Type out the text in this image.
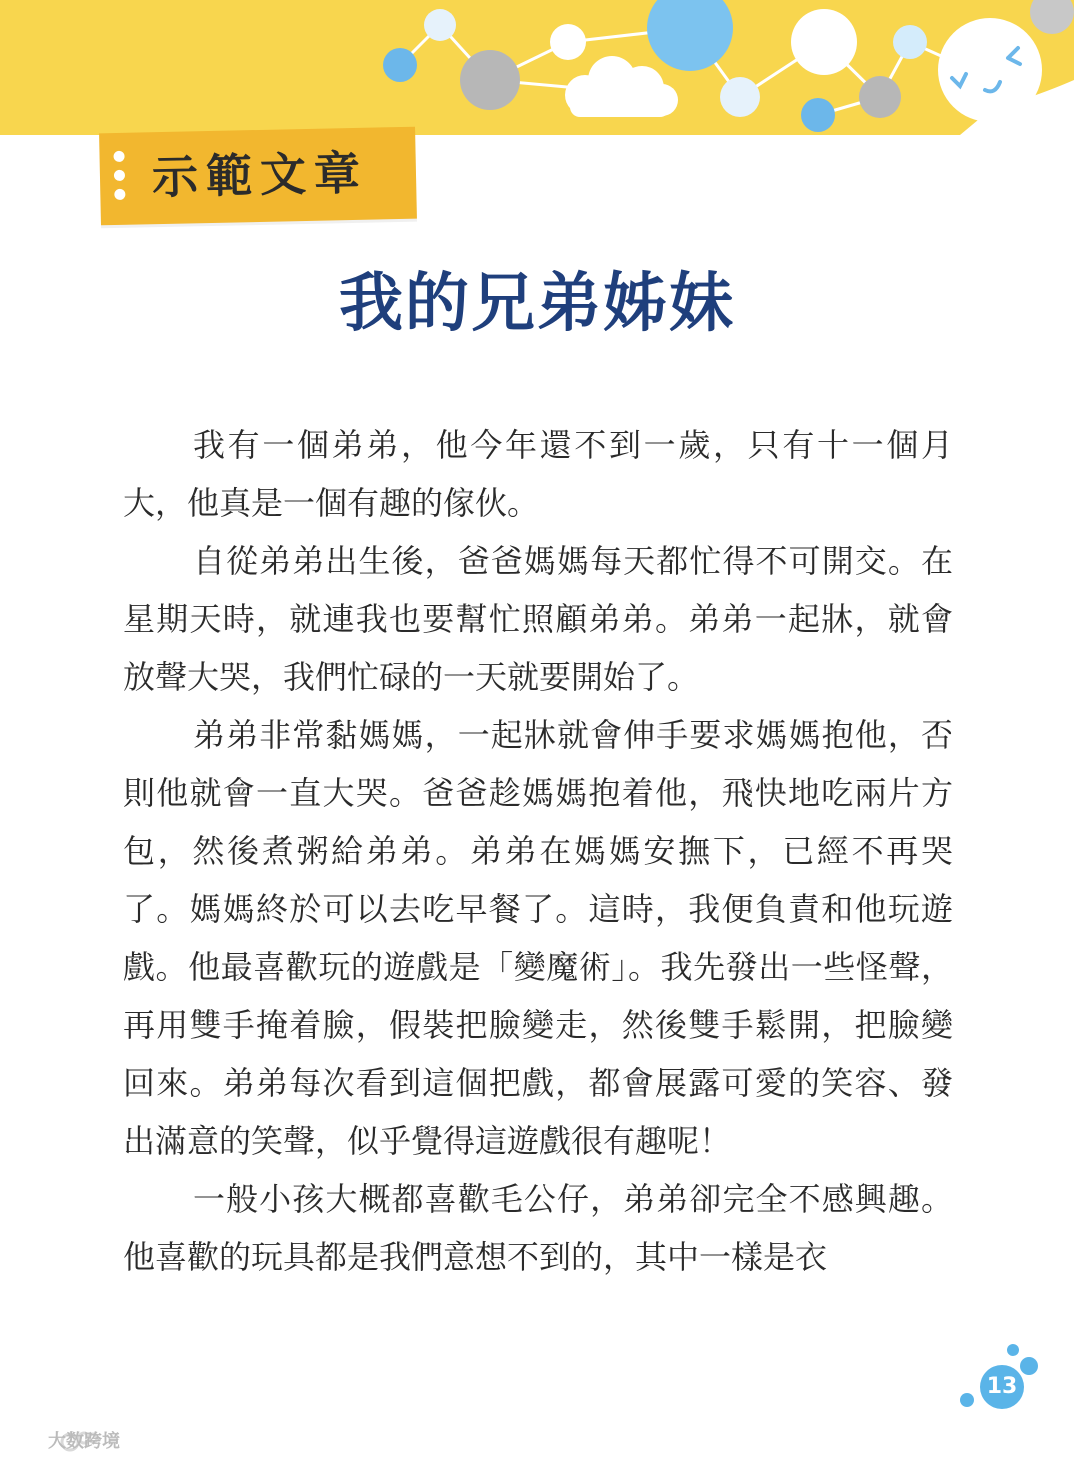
示範文章
我的兄弟姊妹

我有一個弟弟，他今年還不到一歲，只有十一個月大，他真是一個有趣的傢伙。

自從弟弟出生後，爸爸媽媽每天都忙得不可開交。在星期天時，就連我也要幫忙照顧弟弟。弟弟一起牀，就會放聲大哭，我們忙碌的一天就要開始了。

弟弟非常黏媽媽，一起牀就會伸手要求媽媽抱他，否則他就會一直大哭。爸爸趁媽媽抱着他，飛快地吃兩片方包，然後煮粥給弟弟。弟弟在媽媽安撫下，已經不再哭了。媽媽終於可以去吃早餐了。這時，我便負責和他玩遊戲。他最喜歡玩的遊戲是「變魔術」。我先發出一些怪聲，再用雙手掩着臉，假裝把臉變走，然後雙手鬆開，把臉變回來。弟弟每次看到這個把戲，都會展露可愛的笑容、發出滿意的笑聲，似乎覺得這遊戲很有趣呢！

一般小孩大概都喜歡毛公仔，弟弟卻完全不感興趣。他喜歡的玩具都是我們意想不到的，其中一樣是衣

13
大数跨境
